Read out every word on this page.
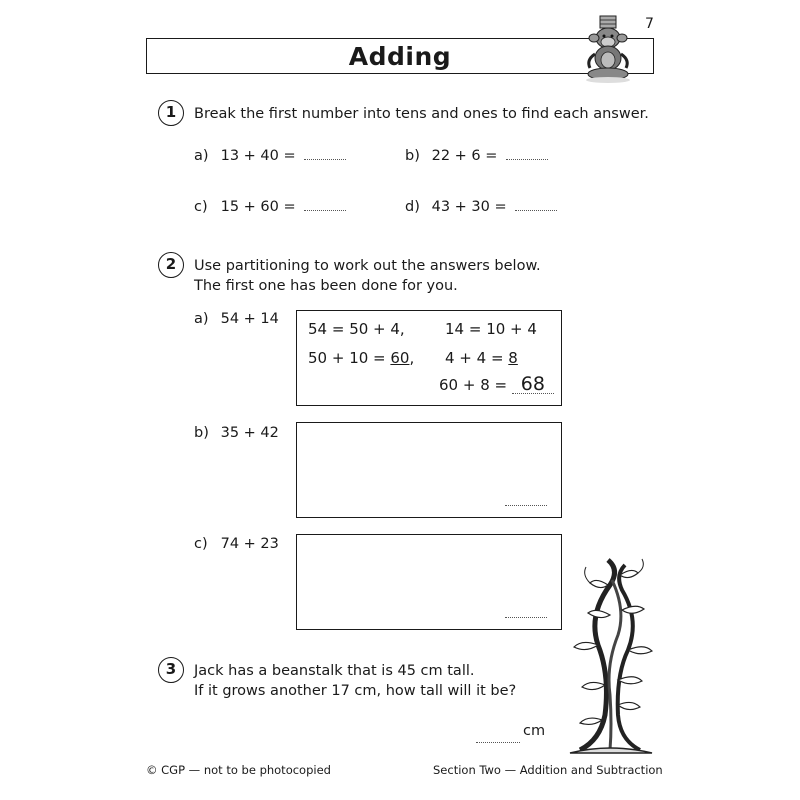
7
Adding
1	Break the first number into tens and ones to find each answer.
a) 13 + 40 =	b) 22 + 6 =
c) 15 + 60 =	d) 43 + 30 =
2	Use partitioning to work out the answers below.
The first one has been done for you.
a) 54 + 14
54 = 50 + 4,	14 = 10 + 4
50 + 10 = 60, 4 + 4 = 8
60 + 8 = 68
b) 35 + 42
c) 74 + 23
3	Jack has a beanstalk that is 45 cm tall.
If it grows another 17 cm, how tall will it be?
cm
© CGP — not to be photocopied	Section Two — Addition and Subtraction
